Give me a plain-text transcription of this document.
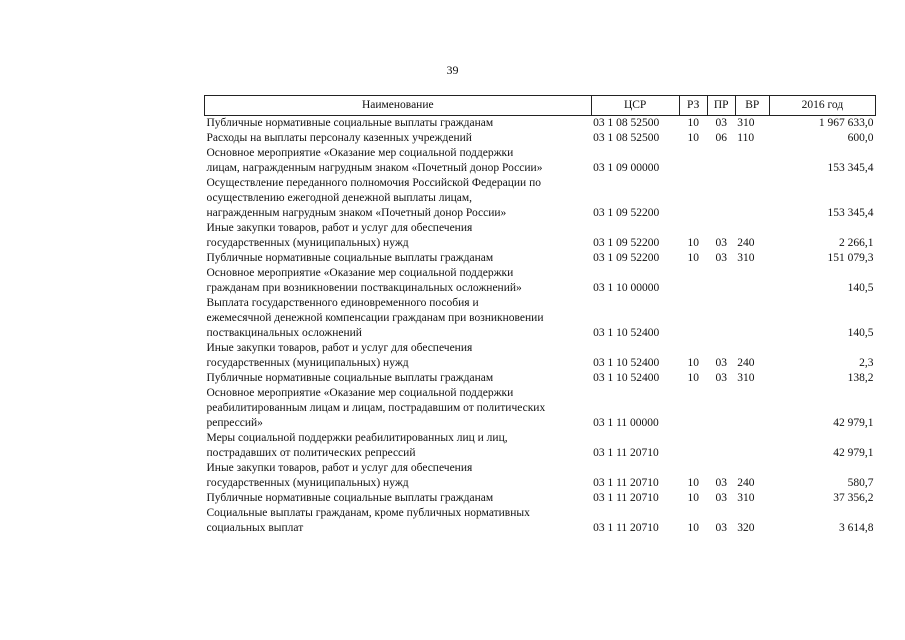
39
Наименование	ЦСР	РЗ	ПР	ВР	2016 год

Публичные нормативные социальные выплаты гражданам	03 1 08 52500	10	03	310	1 967 633,0

Расходы на выплаты персоналу казенных учреждений	03 1 08 52500	10	06	110	600,0

Основное мероприятие «Оказание мер социальной поддержки
лицам, награжденным нагрудным знаком «Почетный донор России»	03 1 09 00000				153 345,4

Осуществление переданного полномочия Российской Федерации по
осуществлению ежегодной денежной выплаты лицам,
награжденным нагрудным знаком «Почетный донор России»	03 1 09 52200				153 345,4

Иные закупки товаров, работ и услуг для обеспечения
государственных (муниципальных) нужд	03 1 09 52200	10	03	240	2 266,1

Публичные нормативные социальные выплаты гражданам	03 1 09 52200	10	03	310	151 079,3

Основное мероприятие «Оказание мер социальной поддержки
гражданам при возникновении поствакцинальных осложнений»	03 1 10 00000				140,5

Выплата государственного единовременного пособия и
ежемесячной денежной компенсации гражданам при возникновении
поствакцинальных осложнений	03 1 10 52400				140,5

Иные закупки товаров, работ и услуг для обеспечения
государственных (муниципальных) нужд	03 1 10 52400	10	03	240	2,3

Публичные нормативные социальные выплаты гражданам	03 1 10 52400	10	03	310	138,2

Основное мероприятие «Оказание мер социальной поддержки
реабилитированным лицам и лицам, пострадавшим от политических
репрессий»	03 1 11 00000				42 979,1

Меры социальной поддержки реабилитированных лиц и лиц,
пострадавших от политических репрессий	03 1 11 20710				42 979,1

Иные закупки товаров, работ и услуг для обеспечения
государственных (муниципальных) нужд	03 1 11 20710	10	03	240	580,7

Публичные нормативные социальные выплаты гражданам	03 1 11 20710	10	03	310	37 356,2

Социальные выплаты гражданам, кроме публичных нормативных
социальных выплат	03 1 11 20710	10	03	320	3 614,8
